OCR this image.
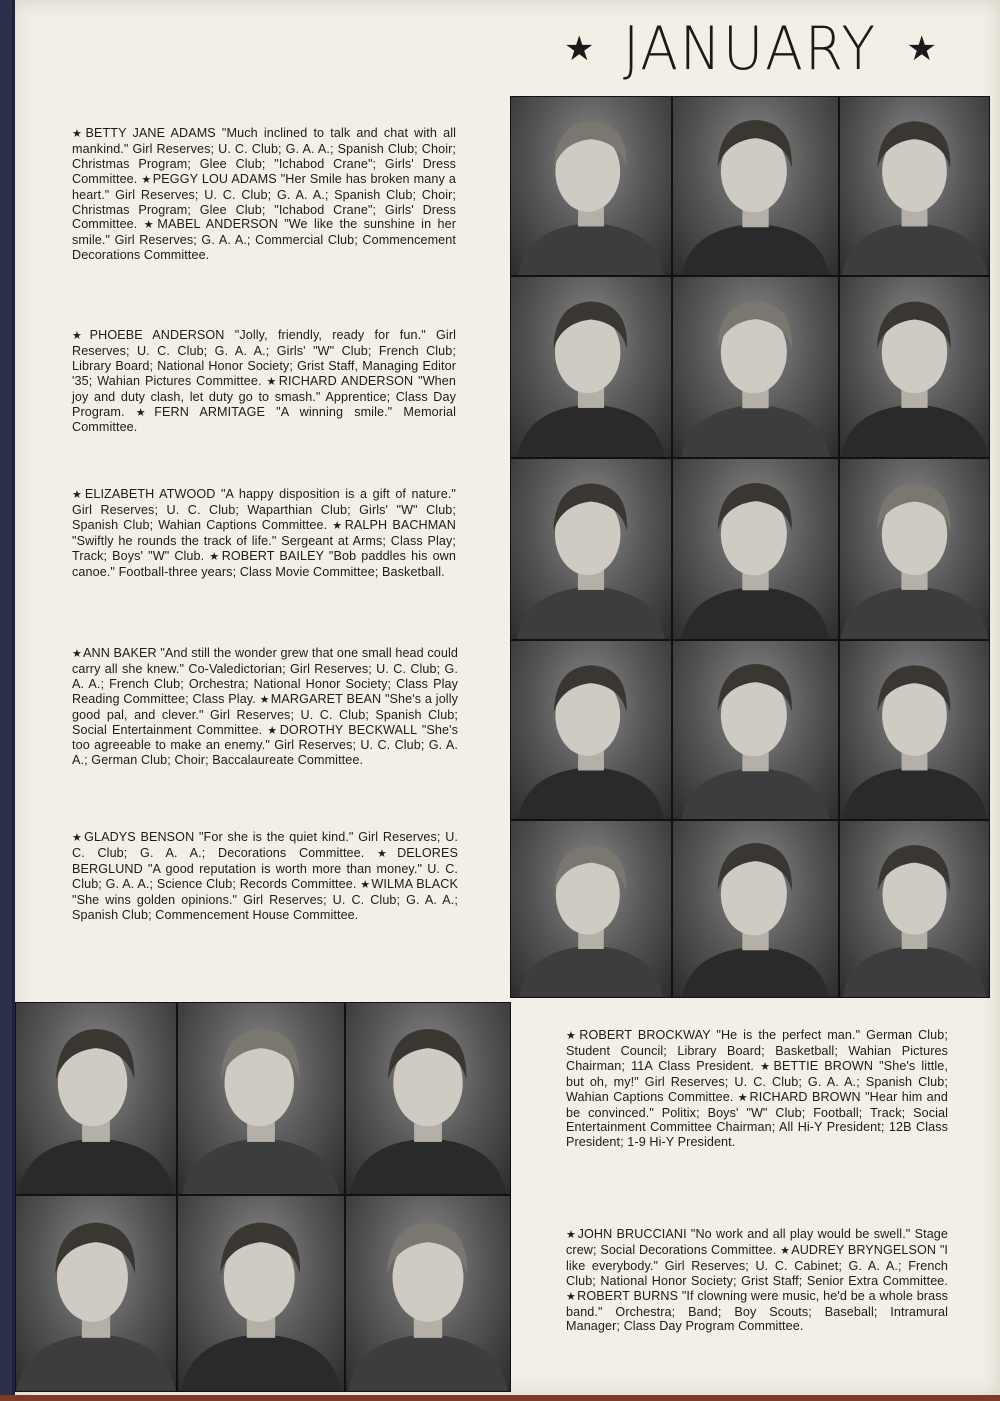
★ JANUARY ★
★BETTY JANE ADAMS "Much inclined to talk and chat with all mankind." Girl Reserves; U. C. Club; G. A. A.; Spanish Club; Choir; Christmas Program; Glee Club; "Ichabod Crane"; Girls' Dress Committee. ★PEGGY LOU ADAMS "Her Smile has broken many a heart." Girl Reserves; U. C. Club; G. A. A.; Spanish Club; Choir; Christmas Program; Glee Club; "Ichabod Crane"; Girls' Dress Committee. ★MABEL ANDERSON "We like the sunshine in her smile." Girl Reserves; G. A. A.; Commercial Club; Commencement Decorations Committee.
★PHOEBE ANDERSON "Jolly, friendly, ready for fun." Girl Reserves; U. C. Club; G. A. A.; Girls' "W" Club; French Club; Library Board; National Honor Society; Grist Staff, Managing Editor '35; Wahian Pictures Committee. ★RICHARD ANDERSON "When joy and duty clash, let duty go to smash." Apprentice; Class Day Program. ★FERN ARMITAGE "A winning smile." Memorial Committee.
★ELIZABETH ATWOOD "A happy disposition is a gift of nature." Girl Reserves; U. C. Club; Waparthian Club; Girls' "W" Club; Spanish Club; Wahian Captions Committee. ★RALPH BACHMAN "Swiftly he rounds the track of life." Sergeant at Arms; Class Play; Track; Boys' "W" Club. ★ROBERT BAILEY "Bob paddles his own canoe." Football-three years; Class Movie Committee; Basketball.
★ANN BAKER "And still the wonder grew that one small head could carry all she knew." Co-Valedictorian; Girl Reserves; U. C. Club; G. A. A.; French Club; Orchestra; National Honor Society; Class Play Reading Committee; Class Play. ★MARGARET BEAN "She's a jolly good pal, and clever." Girl Reserves; U. C. Club; Spanish Club; Social Entertainment Committee. ★DOROTHY BECKWALL "She's too agreeable to make an enemy." Girl Reserves; U. C. Club; G. A. A.; German Club; Choir; Baccalaureate Committee.
★GLADYS BENSON "For she is the quiet kind." Girl Reserves; U. C. Club; G. A. A.; Decorations Committee. ★DELORES BERGLUND "A good reputation is worth more than money." U. C. Club; G. A. A.; Science Club; Records Committee. ★WILMA BLACK "She wins golden opinions." Girl Reserves; U. C. Club; G. A. A.; Spanish Club; Commencement House Committee.
★ROBERT BROCKWAY "He is the perfect man." German Club; Student Council; Library Board; Basketball; Wahian Pictures Chairman; 11A Class President. ★BETTIE BROWN "She's little, but oh, my!" Girl Reserves; U. C. Club; G. A. A.; Spanish Club; Wahian Captions Committee. ★RICHARD BROWN "Hear him and be convinced." Politix; Boys' "W" Club; Football; Track; Social Entertainment Committee Chairman; All Hi-Y President; 12B Class President; 1-9 Hi-Y President.
★JOHN BRUCCIANI "No work and all play would be swell." Stage crew; Social Decorations Committee. ★AUDREY BRYNGELSON "I like everybody." Girl Reserves; U. C. Cabinet; G. A. A.; French Club; National Honor Society; Grist Staff; Senior Extra Committee. ★ROBERT BURNS "If clowning were music, he'd be a whole brass band." Orchestra; Band; Boy Scouts; Baseball; Intramural Manager; Class Day Program Committee.
